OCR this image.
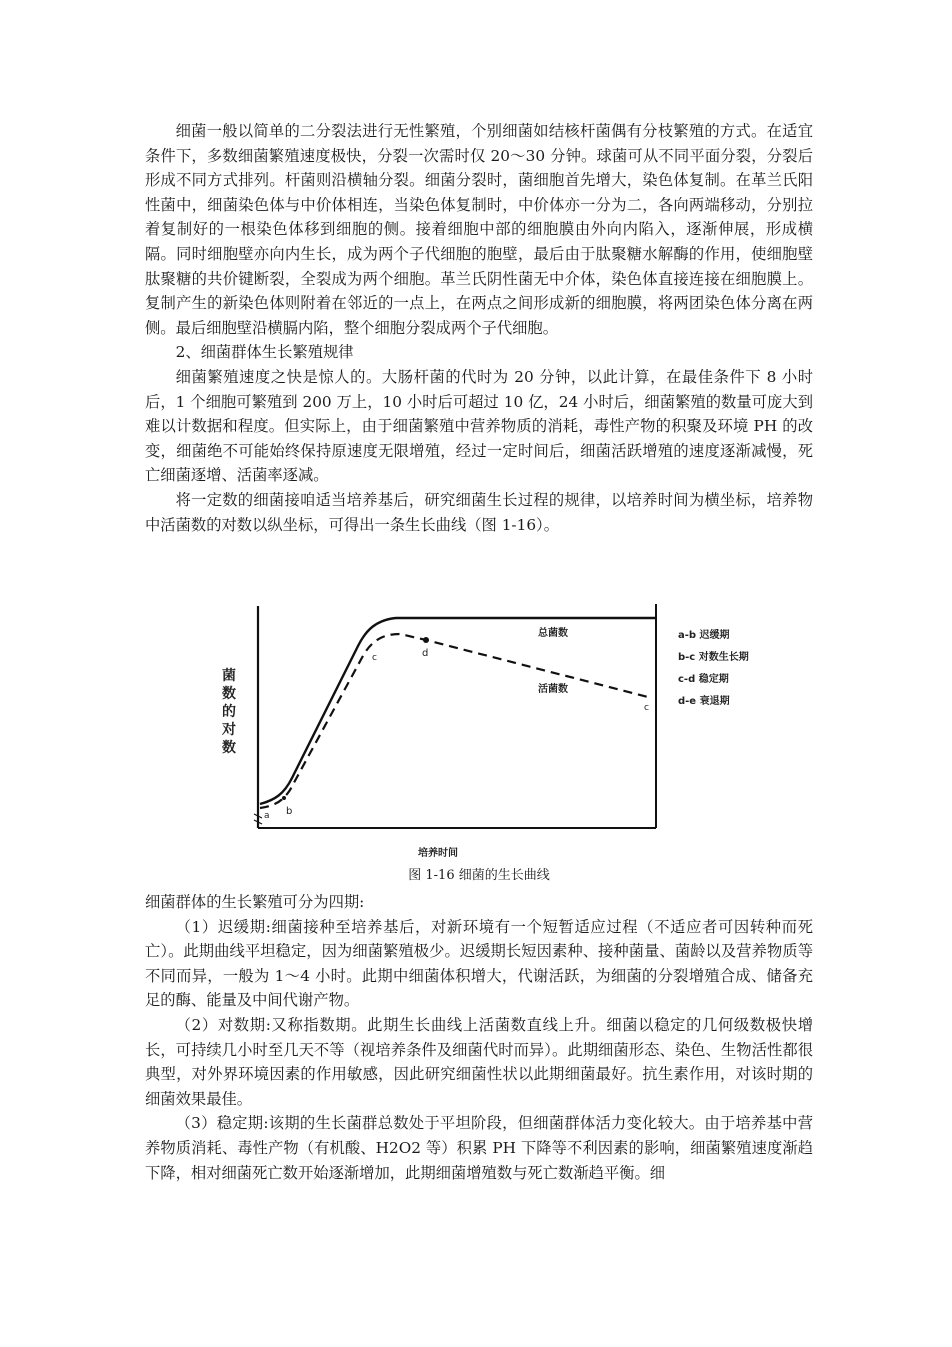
细菌一般以简单的二分裂法进行无性繁殖，个别细菌如结核杆菌偶有分枝繁殖的方式。在适宜条件下，多数细菌繁殖速度极快，分裂一次需时仅 20～30 分钟。球菌可从不同平面分裂，分裂后形成不同方式排列。杆菌则沿横轴分裂。细菌分裂时，菌细胞首先增大，染色体复制。在革兰氏阳性菌中，细菌染色体与中价体相连，当染色体复制时，中价体亦一分为二，各向两端移动，分别拉着复制好的一根染色体移到细胞的侧。接着细胞中部的细胞膜由外向内陷入，逐渐伸展，形成横隔。同时细胞壁亦向内生长，成为两个子代细胞的胞壁，最后由于肽聚糖水解酶的作用，使细胞壁肽聚糖的共价键断裂，全裂成为两个细胞。革兰氏阴性菌无中介体，染色体直接连接在细胞膜上。复制产生的新染色体则附着在邻近的一点上，在两点之间形成新的细胞膜，将两团染色体分离在两侧。最后细胞壁沿横膈内陷，整个细胞分裂成两个子代细胞。

2、细菌群体生长繁殖规律

细菌繁殖速度之快是惊人的。大肠杆菌的代时为 20 分钟，以此计算，在最佳条件下 8 小时后，1 个细胞可繁殖到 200 万上，10 小时后可超过 10 亿，24 小时后，细菌繁殖的数量可庞大到难以计数据和程度。但实际上，由于细菌繁殖中营养物质的消耗，毒性产物的积聚及环境 PH 的改变，细菌绝不可能始终保持原速度无限增殖，经过一定时间后，细菌活跃增殖的速度逐渐减慢，死亡细菌逐增、活菌率逐减。

将一定数的细菌接咱适当培养基后，研究细菌生长过程的规律，以培养时间为横坐标，培养物中活菌数的对数以纵坐标，可得出一条生长曲线（图 1-16）。

a b
c	d
c
总菌数
活菌数
菌
数
的
对
数
培养时间
a-b 迟缓期
b-c 对数生长期
c-d 稳定期
d-e 衰退期
图 1-16 细菌的生长曲线

细菌群体的生长繁殖可分为四期:

（1）迟缓期:细菌接种至培养基后，对新环境有一个短暂适应过程（不适应者可因转种而死亡）。此期曲线平坦稳定，因为细菌繁殖极少。迟缓期长短因素种、接种菌量、菌龄以及营养物质等不同而异，一般为 1～4 小时。此期中细菌体积增大，代谢活跃，为细菌的分裂增殖合成、储备充足的酶、能量及中间代谢产物。

（2）对数期:又称指数期。此期生长曲线上活菌数直线上升。细菌以稳定的几何级数极快增长，可持续几小时至几天不等（视培养条件及细菌代时而异）。此期细菌形态、染色、生物活性都很典型，对外界环境因素的作用敏感，因此研究细菌性状以此期细菌最好。抗生素作用，对该时期的细菌效果最佳。

（3）稳定期:该期的生长菌群总数处于平坦阶段，但细菌群体活力变化较大。由于培养基中营养物质消耗、毒性产物（有机酸、H2O2 等）积累 PH 下降等不利因素的影响，细菌繁殖速度渐趋下降，相对细菌死亡数开始逐渐增加，此期细菌增殖数与死亡数渐趋平衡。细
